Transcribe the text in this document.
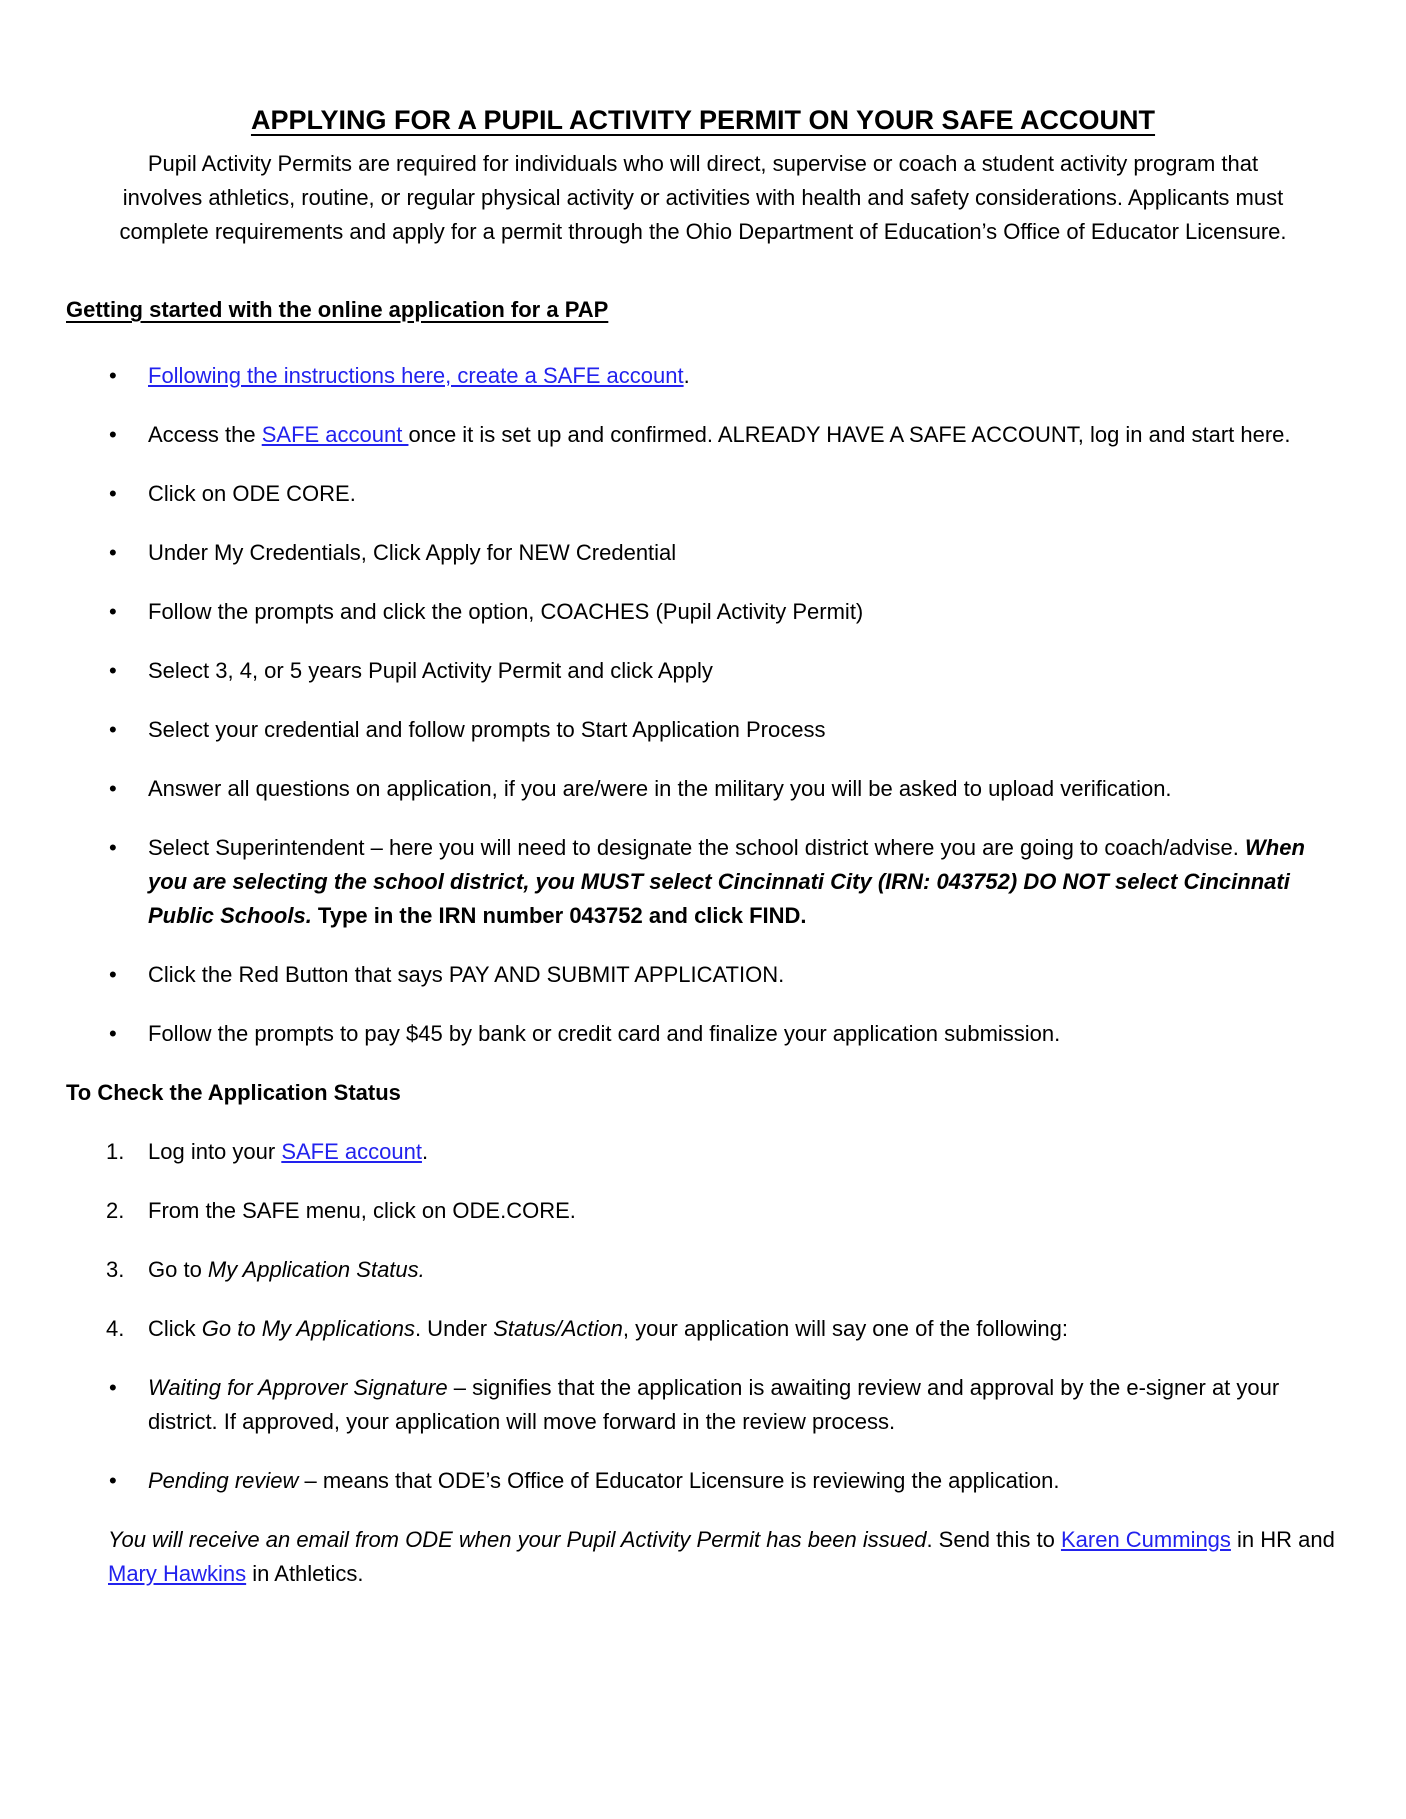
APPLYING FOR A PUPIL ACTIVITY PERMIT ON YOUR SAFE ACCOUNT

Pupil Activity Permits are required for individuals who will direct, supervise or coach a student activity program that
involves athletics, routine, or regular physical activity or activities with health and safety considerations. Applicants must
complete requirements and apply for a permit through the Ohio Department of Education’s Office of Educator Licensure.

Getting started with the online application for a PAP
• Following the instructions here, create a SAFE account.
• Access the SAFE account once it is set up and confirmed. ALREADY HAVE A SAFE ACCOUNT, log in and start here.
• Click on ODE CORE.
• Under My Credentials, Click Apply for NEW Credential
• Follow the prompts and click the option, COACHES (Pupil Activity Permit)
• Select 3, 4, or 5 years Pupil Activity Permit and click Apply
• Select your credential and follow prompts to Start Application Process
• Answer all questions on application, if you are/were in the military you will be asked to upload verification.
• Select Superintendent – here you will need to designate the school district where you are going to coach/advise. When you are selecting the school district, you MUST select Cincinnati City (IRN: 043752) DO NOT select Cincinnati Public Schools. Type in the IRN number 043752 and click FIND.
• Click the Red Button that says PAY AND SUBMIT APPLICATION.
• Follow the prompts to pay $45 by bank or credit card and finalize your application submission.
To Check the Application Status
1. Log into your SAFE account.
2. From the SAFE menu, click on ODE.CORE.
3. Go to My Application Status.
4. Click Go to My Applications. Under Status/Action, your application will say one of the following:
• Waiting for Approver Signature – signifies that the application is awaiting review and approval by the e-signer at your district. If approved, your application will move forward in the review process.
• Pending review – means that ODE’s Office of Educator Licensure is reviewing the application.

You will receive an email from ODE when your Pupil Activity Permit has been issued. Send this to Karen Cummings in HR and Mary Hawkins in Athletics.
